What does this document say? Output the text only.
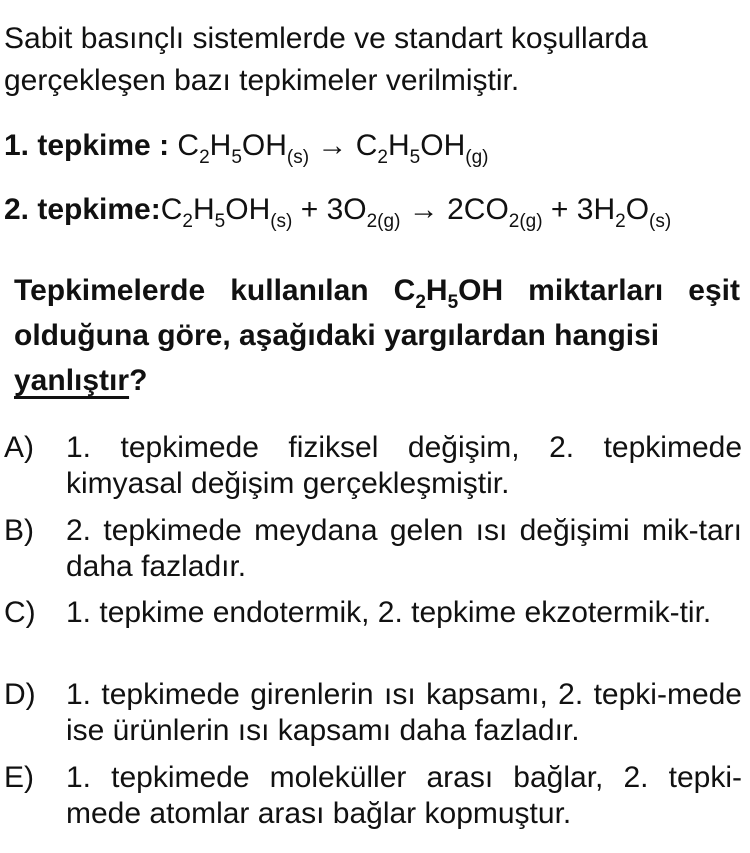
Sabit basınçlı sistemlerde ve standart koşullarda
gerçekleşen bazı tepkimeler verilmiştir.
1. tepkime : $C_2H_5OH_{(s)} \to C_2H_5OH_{(g)}$
2. $tepkime:C_2H_5OH_{(s)} + 3O_{2(g)} \to 2CO_{2(g)} + 3H_2O_{(s)}$
Tepkimelerde kullanılan $C_2H_5OH$ miktarları eşit olduğuna göre, aşağıdaki yargılardan hangisi
yanlıştır?
A) 1. tepkimede fiziksel değişim, 2. tepkimede kimyasal değişim gerçekleşmiştir.
B) 2. tepkimede meydana gelen ısı değişimi mik-tarı daha fazladır.
C) 1. tepkime endotermik, 2. tepkime ekzotermik-tir.
D) 1. tepkimede girenlerin ısı kapsamı, 2. tepki-mede ise ürünlerin ısı kapsamı daha fazladır.
E) 1. tepkimede moleküller arası bağlar, 2. tepki-mede atomlar arası bağlar kopmuştur.
